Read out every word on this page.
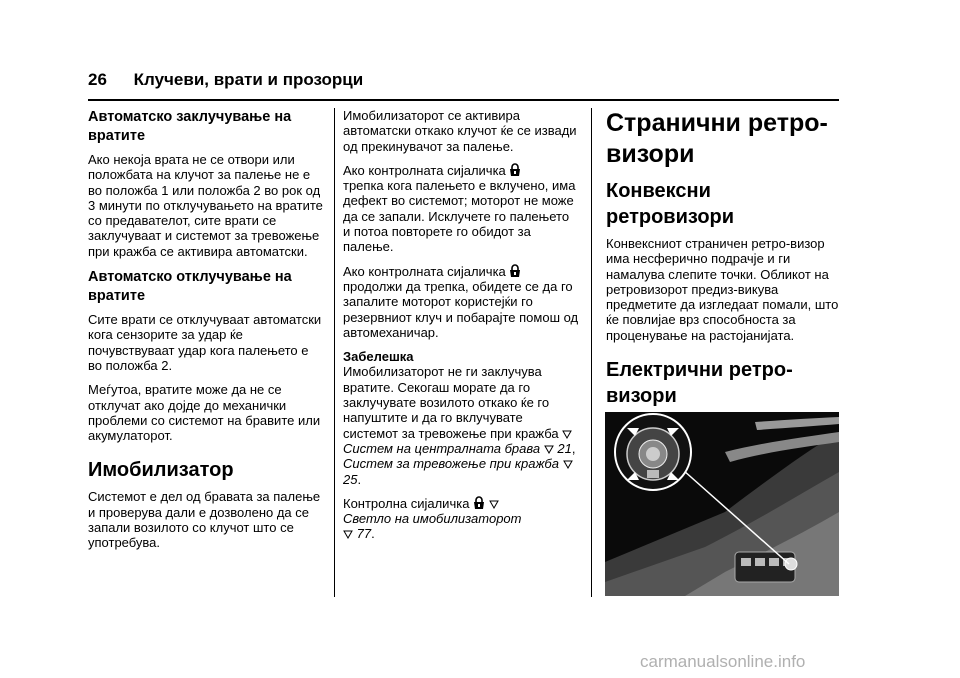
26 Клучеви, врати и прозорци
Автоматско заклучување на вратите

Ако некоја врата не се отвори или положбата на клучот за палење не е во положба 1 или положба 2 во рок од 3 минути по отклучувањето на вратите со предавателот, сите врати се заклучуваат и системот за тревожење при кражба се активира автоматски.

Автоматско отклучување на вратите

Сите врати се отклучуваат автоматски кога сензорите за удар ќе почувствуваат удар кога палењето е во положба 2.

Меѓутоа, вратите може да не се отклучат ако дојде до механички проблеми со системот на бравите или акумулаторот.

Имобилизатор

Системот е дел од бравата за палење и проверува дали е дозволено да се запали возилото со клучот што се употребува.

Имобилизаторот се активира автоматски откако клучот ќе се извади од прекинувачот за палење.

Ако контролната сијаличка
трепка кога палењето е вклучено, има дефект во системот; моторот не може да се запали. Исклучете го палењето и потоа повторете го обидот за палење.

Ако контролната сијаличка
продолжи да трепка, обидете се да го запалите моторот користејќи го резервниот клуч и побарајте помош од автомеханичар.

Забелешка

Имобилизаторот не ги заклучува вратите. Секогаш морате да го заклучувате возилото откако ќе го напуштите и да го вклучувате системот за тревожење при кражба  Систем на централната брава 21, Систем за тревожење при кражба  25.

Контролна сијаличка
Светло на имобилизаторот
77.

Странични ретро-визори
Конвексни ретровизори

Конвексниот страничен ретро-визор има несферично подрачје и ги намалува слепите точки. Обликот на ретровизорот предиз-викува предметите да изгледаат помали, што ќе повлијае врз способноста за проценување на растојанијата.

Електрични ретро-визори
carmanualsonline.info
